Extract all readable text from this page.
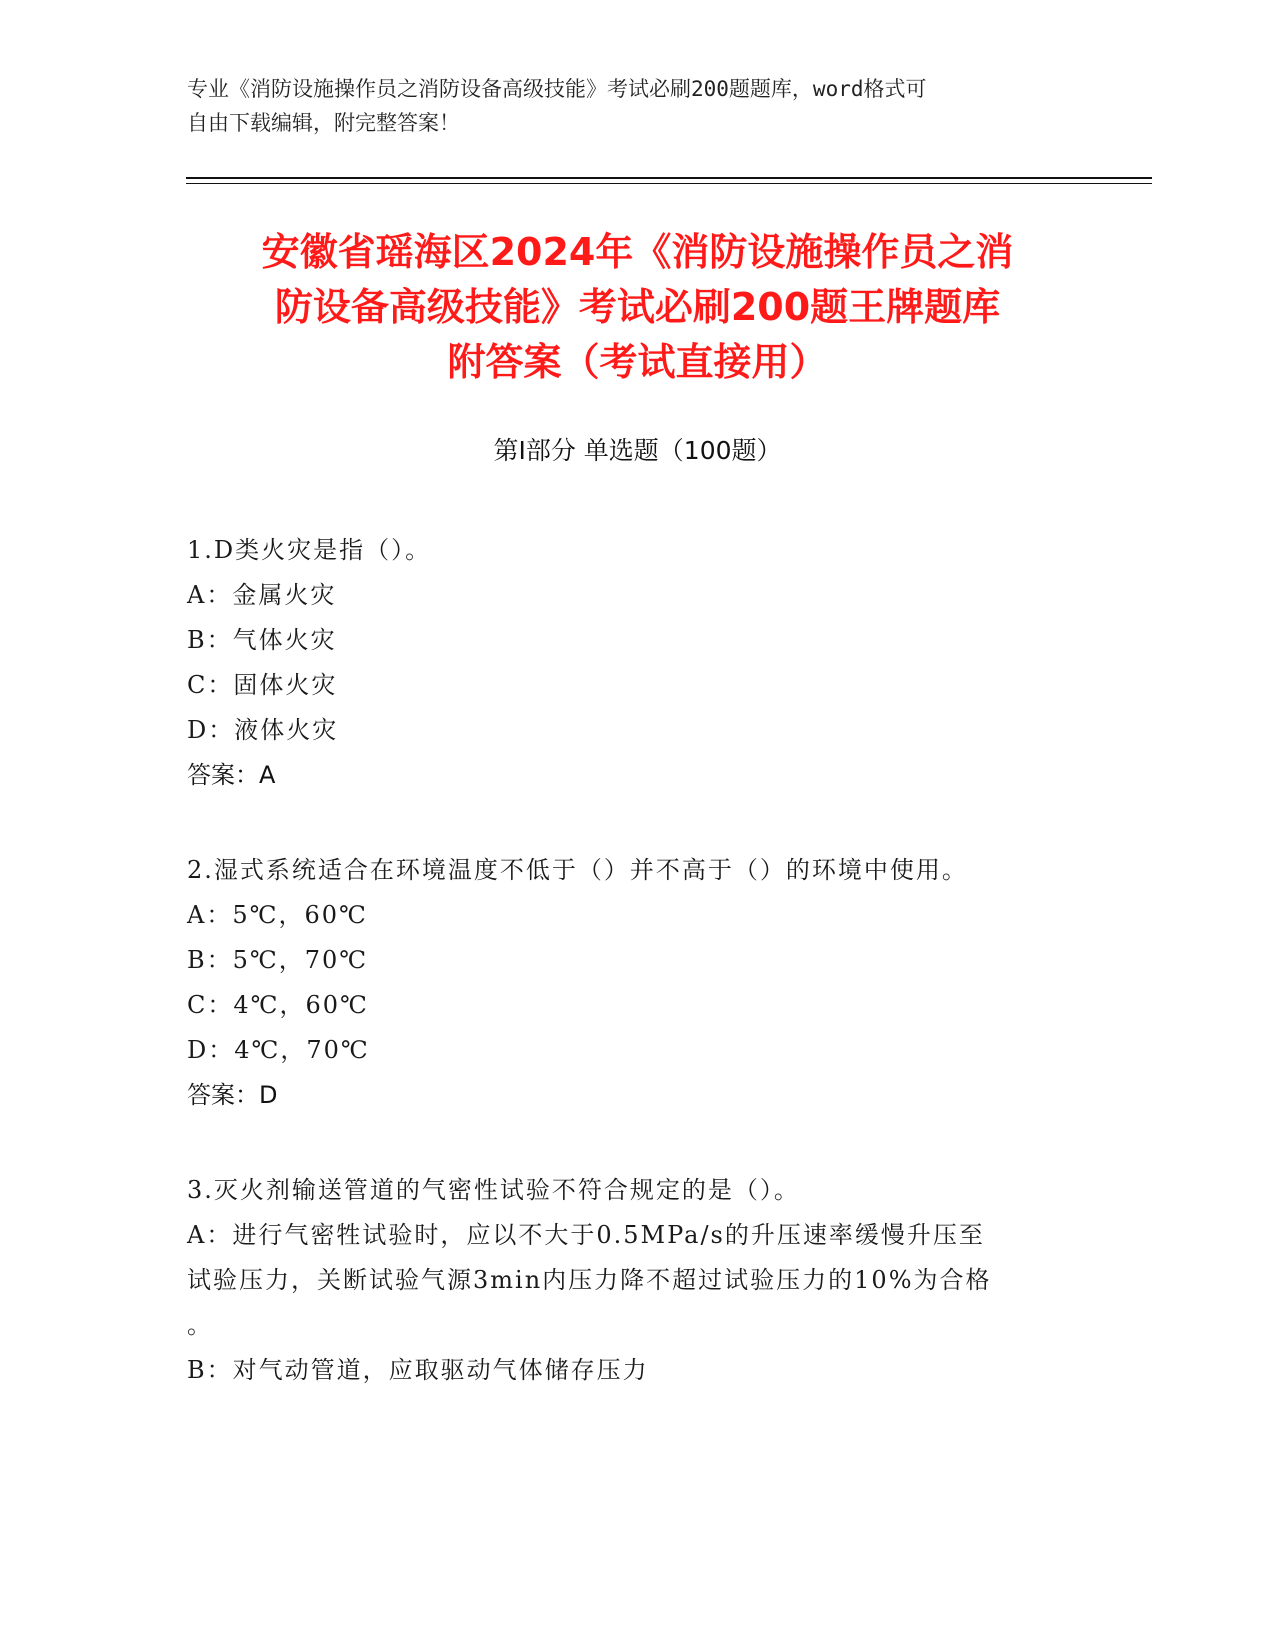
专业《消防设施操作员之消防设备高级技能》考试必刷200题题库，word格式可
自由下载编辑，附完整答案！
安徽省瑶海区2024年《消防设施操作员之消
防设备高级技能》考试必刷200题王牌题库
附答案（考试直接用）
第I部分 单选题（100题）
1.D类火灾是指（）。
A：金属火灾
B：气体火灾
C：固体火灾
D：液体火灾
答案：A
2.湿式系统适合在环境温度不低于（）并不高于（）的环境中使用。
A：5℃，60℃
B：5℃，70℃
C：4℃，60℃
D：4℃，70℃
答案：D
3.灭火剂输送管道的气密性试验不符合规定的是（）。
A：进行气密牲试验时，应以不大于0.5MPa/s的升压速率缓慢升压至
试验压力，关断试验气源3min内压力降不超过试验压力的10%为合格
。
B：对气动管道，应取驱动气体储存压力
